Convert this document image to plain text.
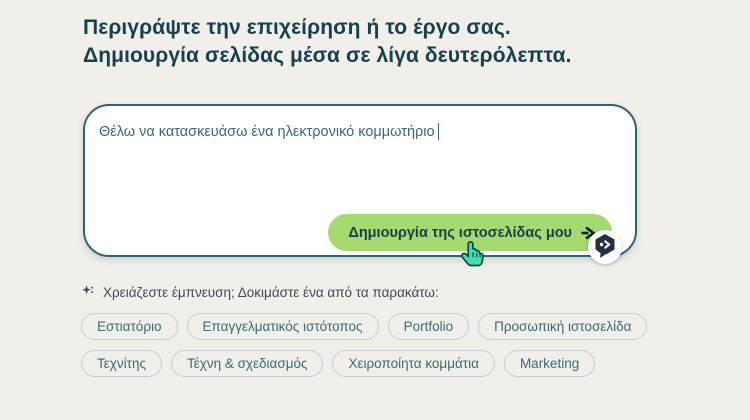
Περιγράψτε την επιχείρηση ή το έργο σας.
Δημιουργία σελίδας μέσα σε λίγα δευτερόλεπτα.
Θέλω να κατασκευάσω ένα ηλεκτρονικό κομμωτήριο
Δημιουργία της ιστοσελίδας μου
Χρειάζεστε έμπνευση; Δοκιμάστε ένα από τα παρακάτω:
Εστιατόριο	Επαγγελματικός ιστότοπος	Portfolio	Προσωπική ιστοσελίδα
Τεχνίτης	Τέχνη & σχεδιασμός	Χειροποίητα κομμάτια	Marketing
